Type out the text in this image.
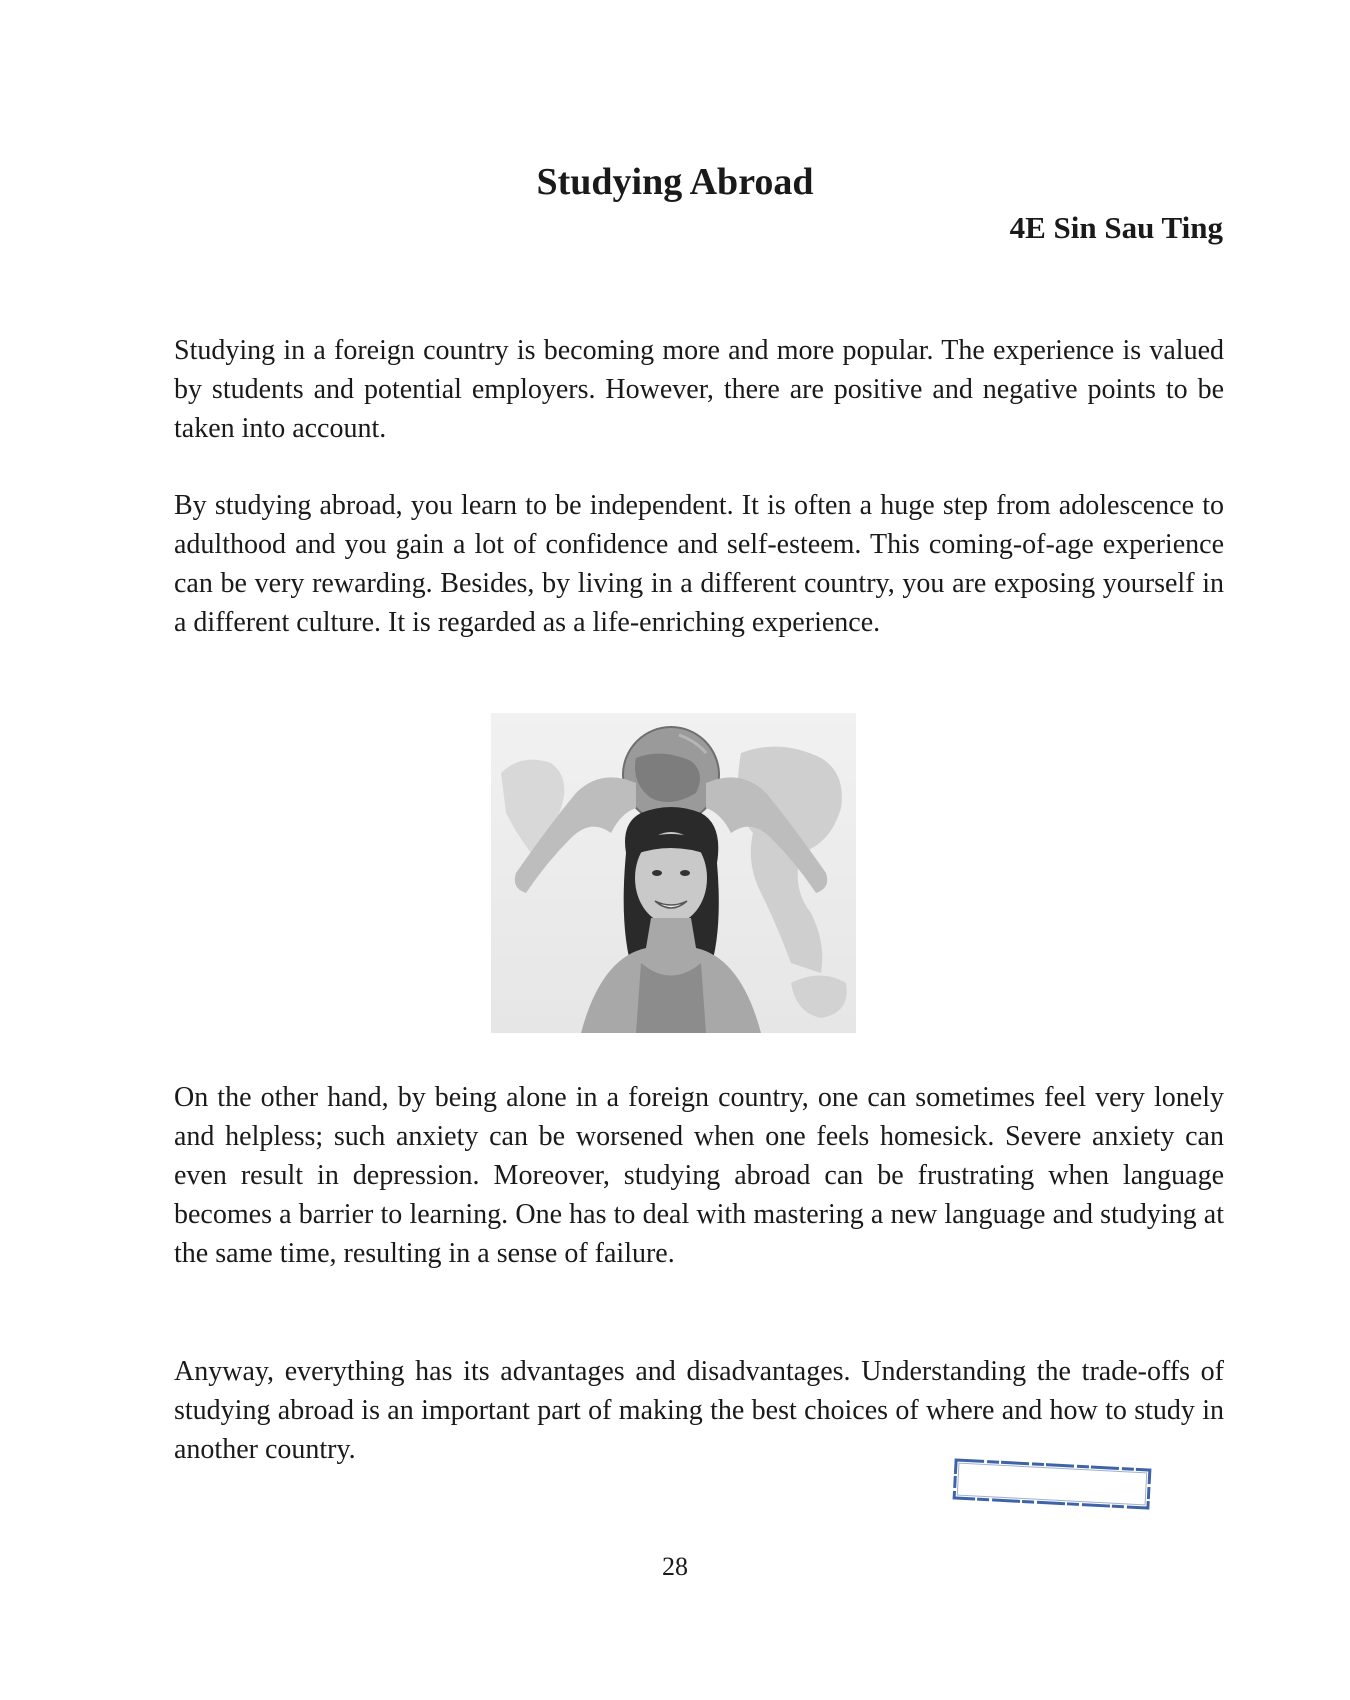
Studying Abroad
4E Sin Sau Ting

Studying in a foreign country is becoming more and more popular. The experience is valued by students and potential employers. However, there are positive and negative points to be taken into account.

By studying abroad, you learn to be independent. It is often a huge step from adolescence to adulthood and you gain a lot of confidence and self-esteem. This coming-of-age experience can be very rewarding. Besides, by living in a different country, you are exposing yourself in a different culture. It is regarded as a life-enriching experience.

On the other hand, by being alone in a foreign country, one can sometimes feel very lonely and helpless; such anxiety can be worsened when one feels homesick. Severe anxiety can even result in depression. Moreover, studying abroad can be frustrating when language becomes a barrier to learning. One has to deal with mastering a new language and studying at the same time, resulting in a sense of failure.

Anyway, everything has its advantages and disadvantages. Understanding the trade-offs of studying abroad is an important part of making the best choices of where and how to study in another country.

28
